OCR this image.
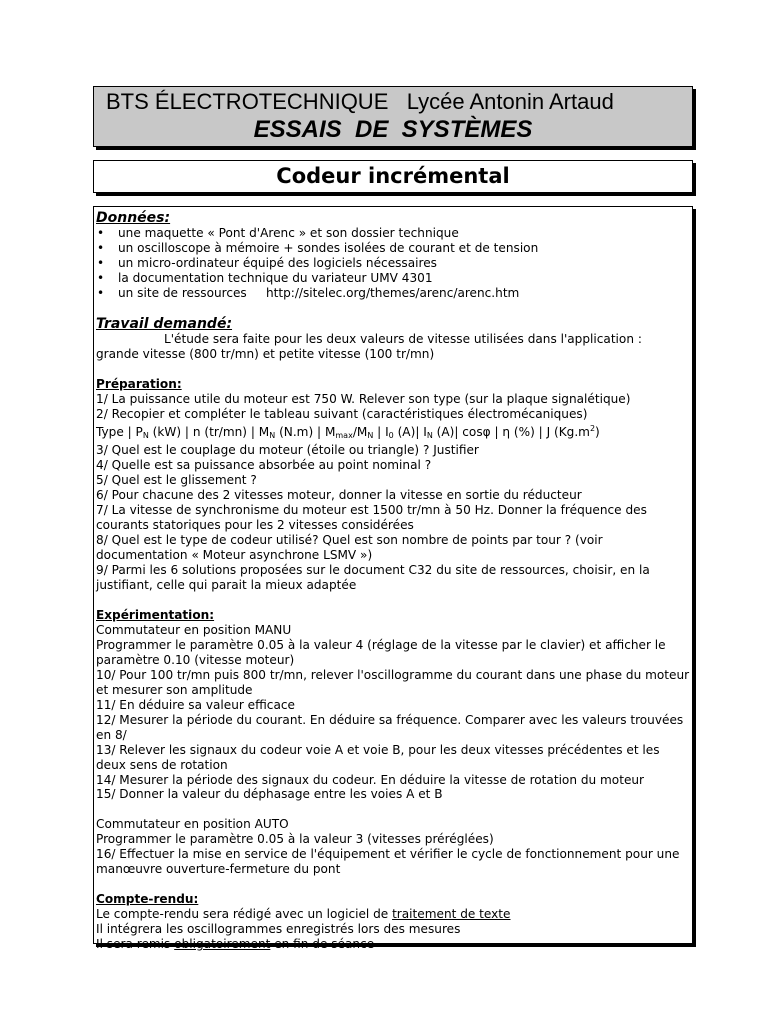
BTS ÉLECTROTECHNIQUE   Lycée Antonin Artaud
ESSAIS  DE  SYSTÈMES
Codeur incrémental
Données:
• une maquette « Pont d'Arenc » et son dossier technique
• un oscilloscope à mémoire + sondes isolées de courant et de tension
• un micro-ordinateur équipé des logiciels nécessaires
• la documentation technique du variateur UMV 4301
• un site de ressources     http://sitelec.org/themes/arenc/arenc.htm
Travail demandé:
L'étude sera faite pour les deux valeurs de vitesse utilisées dans l'application :
grande vitesse (800 tr/mn) et petite vitesse (100 tr/mn)
Préparation:
1/ La puissance utile du moteur est 750 W. Relever son type (sur la plaque signalétique)
2/ Recopier et compléter le tableau suivant (caractéristiques électromécaniques)
Type | $P_N$ (kW) | n (tr/mn) | $M_N$ (N.m) | $M_{max}/M_N$ | $I_0$ (A)| $I_N$ (A)| cosφ | η (%) | J $(Kg.m^2)$
3/ Quel est le couplage du moteur (étoile ou triangle) ? Justifier
4/ Quelle est sa puissance absorbée au point nominal ?
5/ Quel est le glissement ?
6/ Pour chacune des 2 vitesses moteur, donner la vitesse en sortie du réducteur
7/ La vitesse de synchronisme du moteur est 1500 tr/mn à 50 Hz. Donner la fréquence des courants statoriques pour les 2 vitesses considérées
8/ Quel est le type de codeur utilisé? Quel est son nombre de points par tour ? (voir documentation « Moteur asynchrone LSMV »)
9/ Parmi les 6 solutions proposées sur le document C32 du site de ressources, choisir, en la justifiant, celle qui parait la mieux adaptée
Expérimentation:
Commutateur en position MANU
Programmer le paramètre 0.05 à la valeur 4 (réglage de la vitesse par le clavier) et afficher le paramètre 0.10 (vitesse moteur)
10/ Pour 100 tr/mn puis 800 tr/mn, relever l'oscillogramme du courant dans une phase du moteur et mesurer son amplitude
11/ En déduire sa valeur efficace
12/ Mesurer la période du courant. En déduire sa fréquence. Comparer avec les valeurs trouvées en 8/
13/ Relever les signaux du codeur voie A et voie B, pour les deux vitesses précédentes et les deux sens de rotation
14/ Mesurer la période des signaux du codeur. En déduire la vitesse de rotation du moteur
15/ Donner la valeur du déphasage entre les voies A et B
Commutateur en position AUTO
Programmer le paramètre 0.05 à la valeur 3 (vitesses préréglées)
16/ Effectuer la mise en service de l'équipement et vérifier le cycle de fonctionnement pour une manœuvre ouverture-fermeture du pont
Compte-rendu:
Le compte-rendu sera rédigé avec un logiciel de traitement de texte
Il intégrera les oscillogrammes enregistrés lors des mesures
Il sera remis obligatoirement en fin de séance
